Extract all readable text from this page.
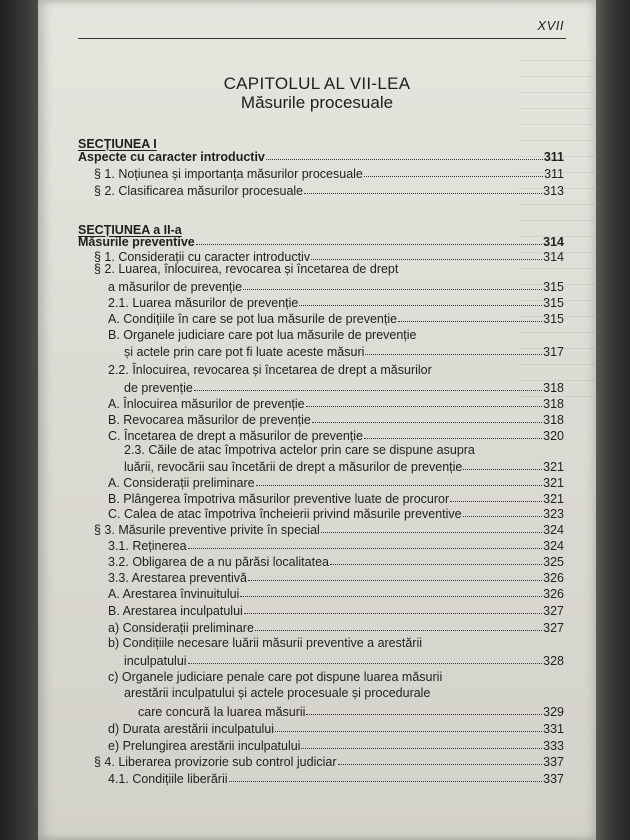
XVII
CAPITOLUL AL VII-LEA
Măsurile procesuale
SECȚIUNEA I
Aspecte cu caracter introductiv	311
§ 1. Noțiunea și importanța măsurilor procesuale	311
§ 2. Clasificarea măsurilor procesuale	313
SECȚIUNEA a II-a
Măsurile preventive	314
§ 1. Considerații cu caracter introductiv	314
§ 2. Luarea, înlocuirea, revocarea și încetarea de drept
a măsurilor de prevenție	315
2.1. Luarea măsurilor de prevenție	315
A. Condițiile în care se pot lua măsurile de prevenție	315
B. Organele judiciare care pot lua măsurile de prevenție
și actele prin care pot fi luate aceste măsuri	317
2.2. Înlocuirea, revocarea și încetarea de drept a măsurilor
de prevenție	318
A. Înlocuirea măsurilor de prevenție	318
B. Revocarea măsurilor de prevenție	318
C. Încetarea de drept a măsurilor de prevenție	320
2.3. Căile de atac împotriva actelor prin care se dispune asupra
luării, revocării sau încetării de drept a măsurilor de prevenție	321
A. Considerații preliminare	321
B. Plângerea împotriva măsurilor preventive luate de procuror	321
C. Calea de atac împotriva încheierii privind măsurile preventive	323
§ 3. Măsurile preventive privite în special	324
3.1. Reținerea	324
3.2. Obligarea de a nu părăsi localitatea	325
3.3. Arestarea preventivă	326
A. Arestarea învinuitului	326
B. Arestarea inculpatului	327
a) Considerații preliminare	327
b) Condițiile necesare luării măsurii preventive a arestării
inculpatului	328
c) Organele judiciare penale care pot dispune luarea măsurii
arestării inculpatului și actele procesuale și procedurale
care concură la luarea măsurii	329
d) Durata arestării inculpatului	331
e) Prelungirea arestării inculpatului	333
§ 4. Liberarea provizorie sub control judiciar	337
4.1. Condițiile liberării	337
